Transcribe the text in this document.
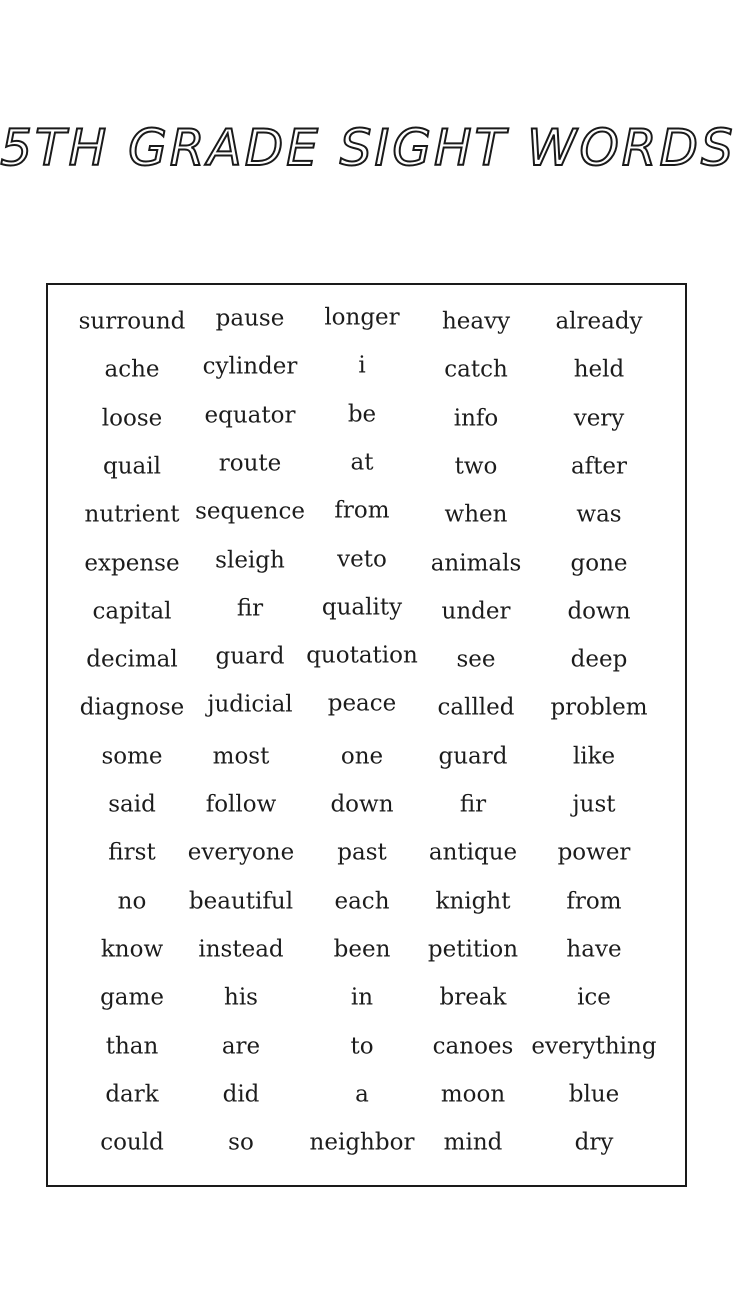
5TH GRADE SIGHT WORDS
surround
ache
loose
quail
nutrient
expense
capital
decimal
diagnose
some
said
first
no
know
game
than
dark
could
pause
cylinder
equator
route
sequence
sleigh
fir
guard
judicial
most
follow
everyone
beautiful
instead
his
are
did
so
longer
i
be
at
from
veto
quality
quotation
peace
one
down
past
each
been
in
to
a
neighbor
heavy
catch
info
two
when
animals
under
see
callled
guard
fir
antique
knight
petition
break
canoes
moon
mind
already
held
very
after
was
gone
down
deep
problem
like
just
power
from
have
ice
everything
blue
dry
